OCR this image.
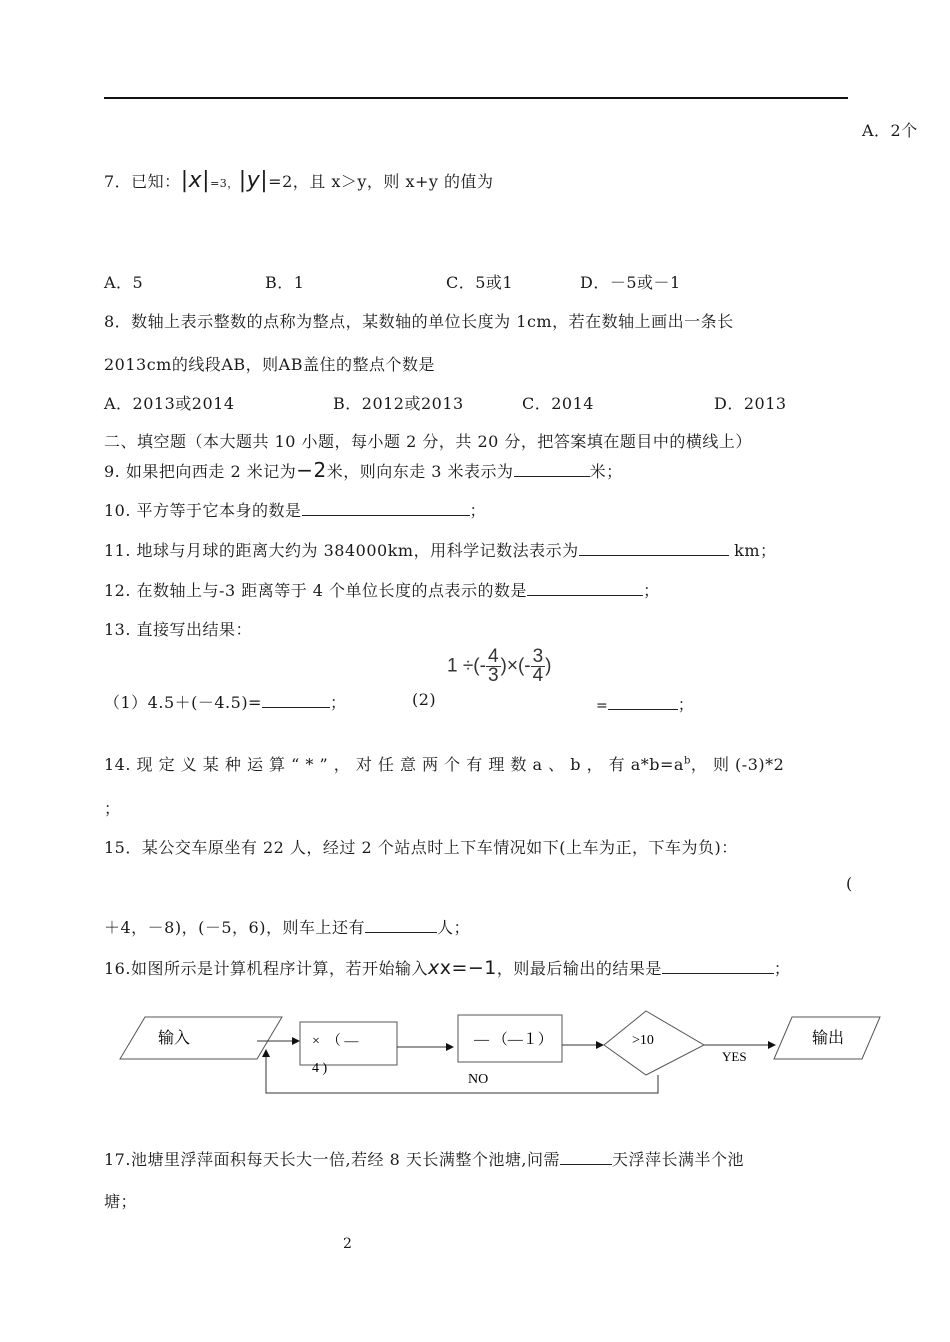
A．2个
7．已知：|x|=3，|y|=2，且 x＞y，则 x+y 的值为
A．5	B．1	C．5或1	D．－5或－1
8．数轴上表示整数的点称为整点，某数轴的单位长度为 1cm，若在数轴上画出一条长
2013cm的线段AB，则AB盖住的整点个数是
A．2013或2014	B．2012或2013	C．2014	D．2013
二、填空题（本大题共 10 小题，每小题 2 分，共 20 分，把答案填在题目中的横线上）
9. 如果把向西走 2 米记为−2米，则向东走 3 米表示为	米；
10. 平方等于它本身的数是	；
11. 地球与月球的距离大约为 384000km，用科学记数法表示为	km；
12. 在数轴上与-3 距离等于 4 个单位长度的点表示的数是	；
13. 直接写出结果：
（1）4.5＋(－4.5)=	；	(2)
1 ÷(- $\frac{4}{3}$ )×(- $\frac{3}{4}$ )
=	；
14. 现 定 义 某 种 运 算 “ * ” ， 对 任 意 两 个 有 理 数 a 、 b ， 有 $a*b=a^b$， 则 (-3)*2
；
15．某公交车原坐有 22 人，经过 2 个站点时上下车情况如下(上车为正，下车为负)：
(
＋4，－8)，(－5，6)，则车上还有	人；
16.如图所示是计算机程序计算，若开始输入xx=−1，则最后输出的结果是	；
输入	×　（ —
4 )
— （—１）	>10
YES
输出
NO
17.池塘里浮萍面积每天长大一倍,若经 8 天长满整个池塘,问需	天浮萍长满半个池
塘；
2
